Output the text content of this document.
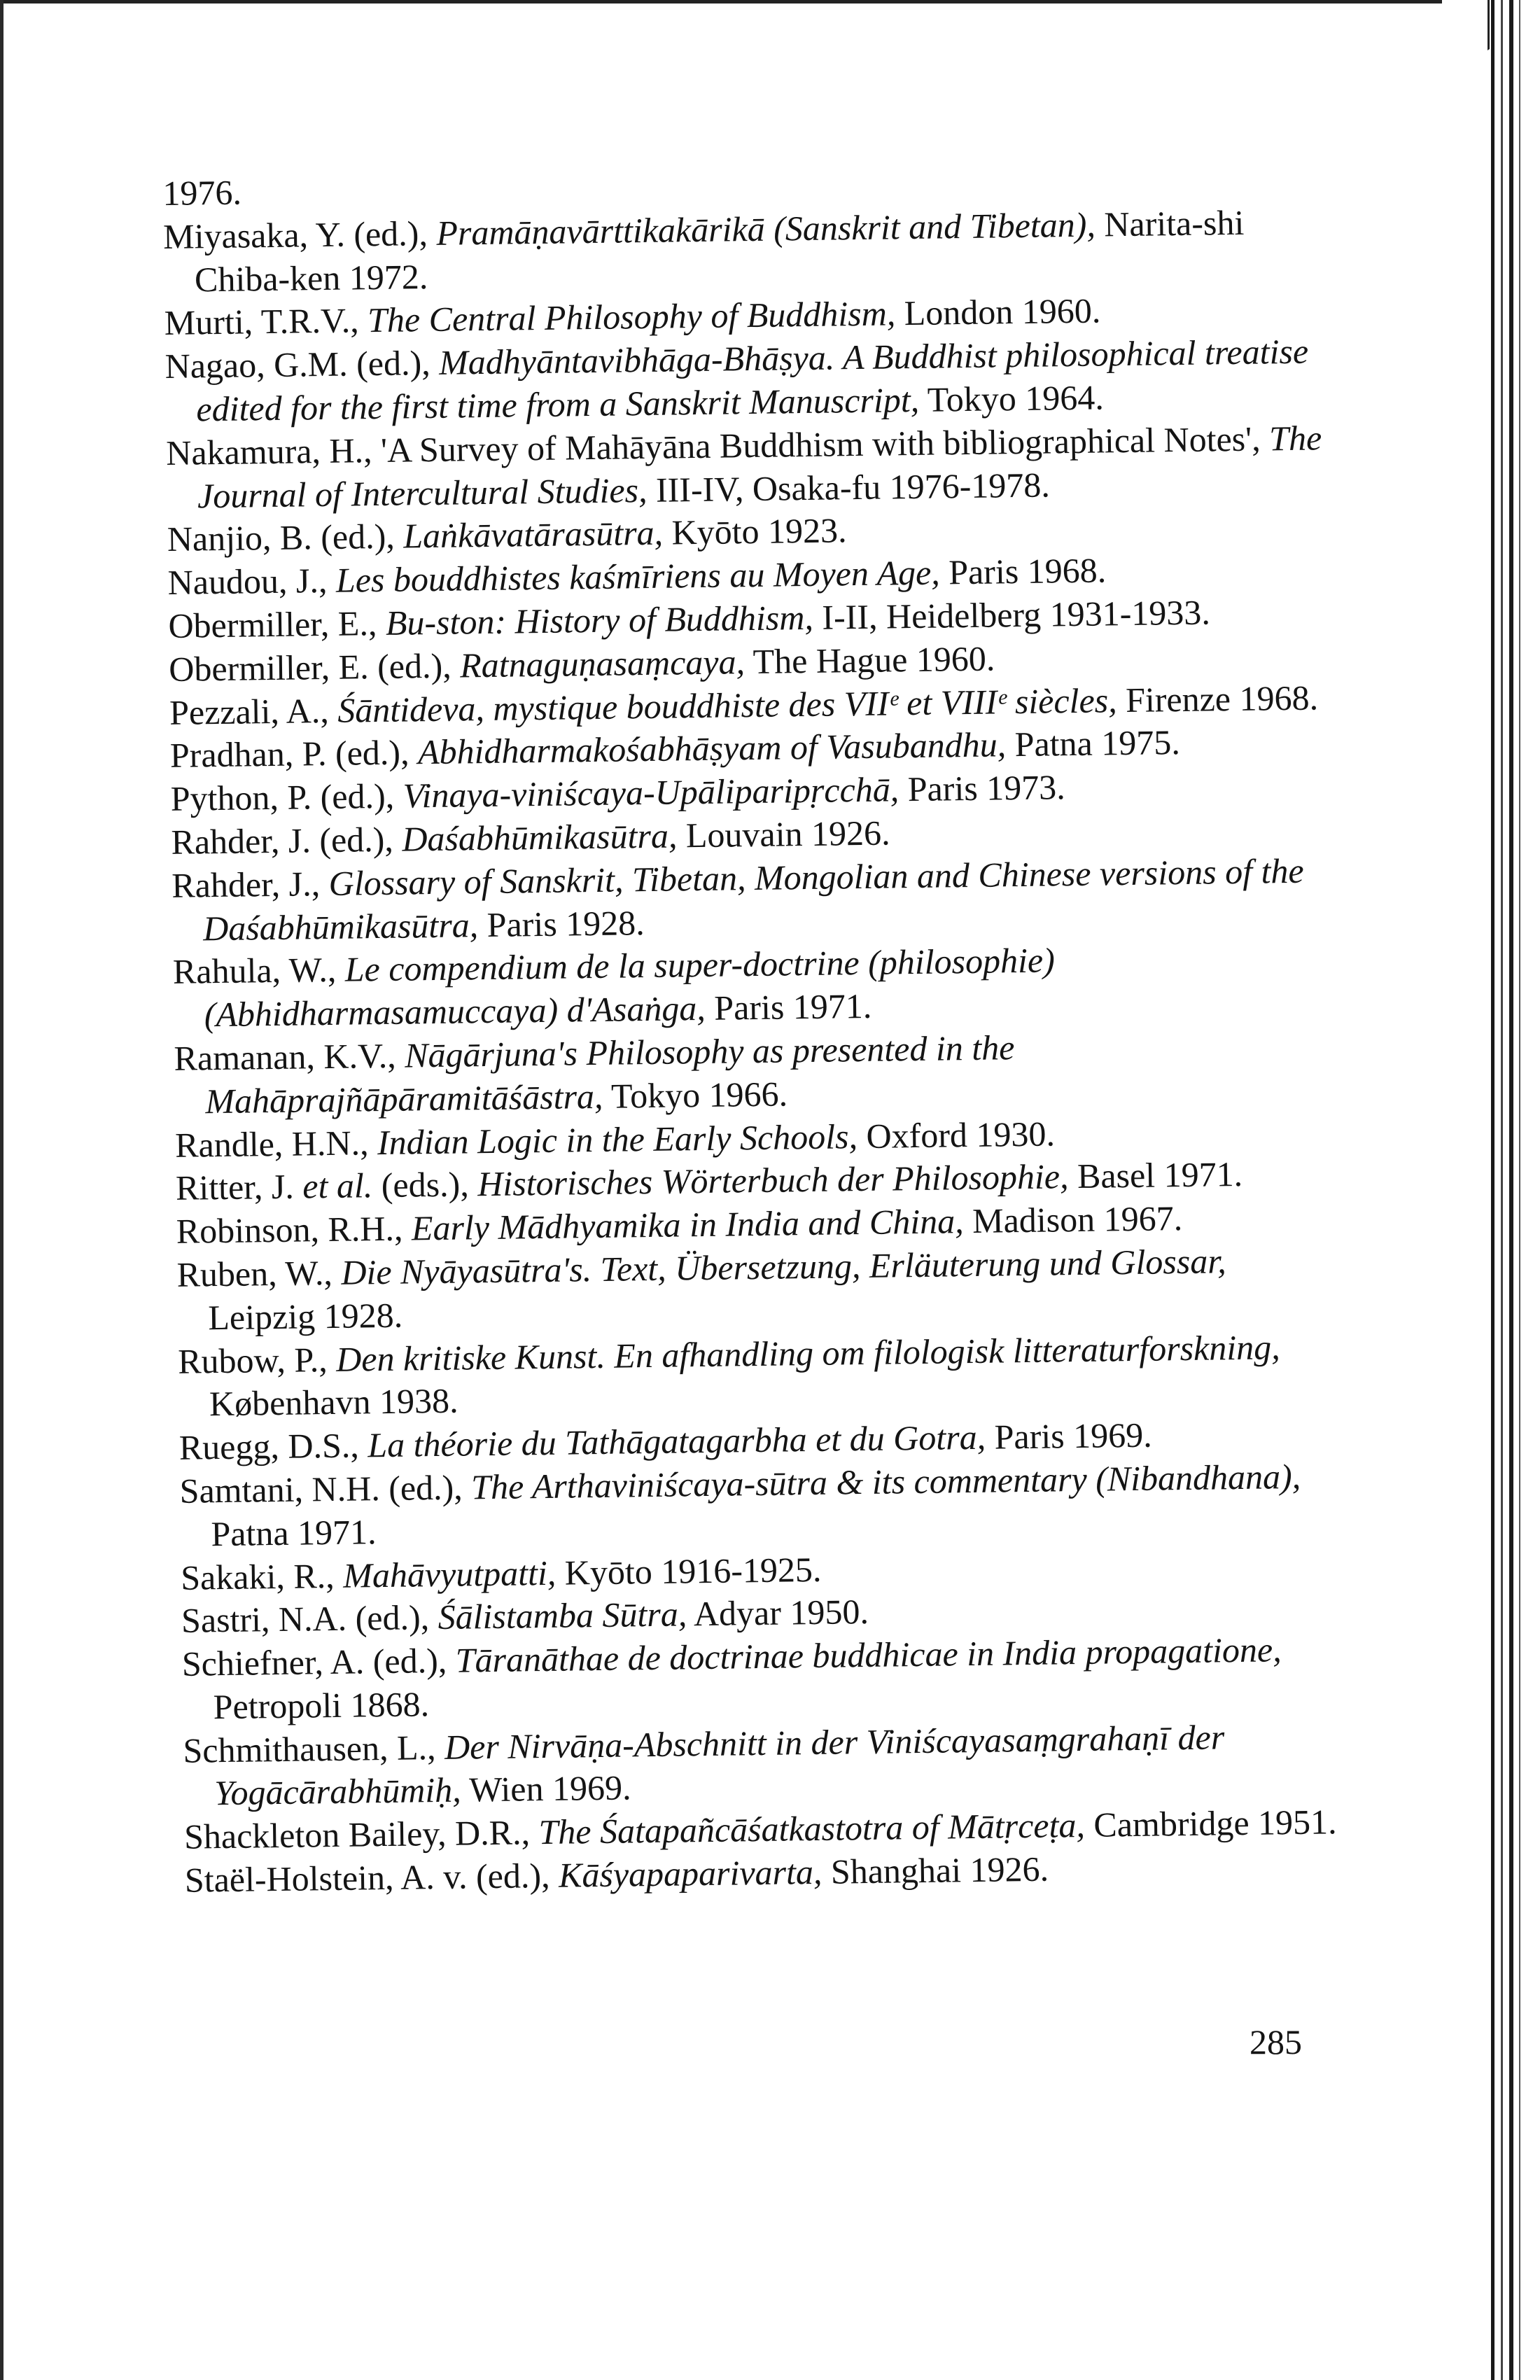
1976.
Miyasaka, Y. (ed.), Pramāṇavārttikakārikā (Sanskrit and Tibetan), Narita-shi Chiba-ken 1972.
Murti, T.R.V., The Central Philosophy of Buddhism, London 1960.
Nagao, G.M. (ed.), Madhyāntavibhāga-Bhāṣya. A Buddhist philosophical treatise edited for the first time from a Sanskrit Manuscript, Tokyo 1964.
Nakamura, H., 'A Survey of Mahāyāna Buddhism with bibliographical Notes', The Journal of Intercultural Studies, III-IV, Osaka-fu 1976-1978.
Nanjio, B. (ed.), Laṅkāvatārasūtra, Kyōto 1923.
Naudou, J., Les bouddhistes kaśmīriens au Moyen Age, Paris 1968.
Obermiller, E., Bu-ston: History of Buddhism, I-II, Heidelberg 1931-1933.
Obermiller, E. (ed.), Ratnaguṇasaṃcaya, The Hague 1960.
Pezzali, A., Śāntideva, mystique bouddhiste des VIIᵉ et VIIIᵉ siècles, Firenze 1968.
Pradhan, P. (ed.), Abhidharmakośabhāṣyam of Vasubandhu, Patna 1975.
Python, P. (ed.), Vinaya-viniścaya-Upāliparipṛcchā, Paris 1973.
Rahder, J. (ed.), Daśabhūmikasūtra, Louvain 1926.
Rahder, J., Glossary of Sanskrit, Tibetan, Mongolian and Chinese versions of the Daśabhūmikasūtra, Paris 1928.
Rahula, W., Le compendium de la super-doctrine (philosophie) (Abhidharmasamuccaya) d'Asaṅga, Paris 1971.
Ramanan, K.V., Nāgārjuna's Philosophy as presented in the Mahāprajñāpāramitāśāstra, Tokyo 1966.
Randle, H.N., Indian Logic in the Early Schools, Oxford 1930.
Ritter, J. et al. (eds.), Historisches Wörterbuch der Philosophie, Basel 1971.
Robinson, R.H., Early Mādhyamika in India and China, Madison 1967.
Ruben, W., Die Nyāyasūtra's. Text, Übersetzung, Erläuterung und Glossar, Leipzig 1928.
Rubow, P., Den kritiske Kunst. En afhandling om filologisk litteraturforskning, København 1938.
Ruegg, D.S., La théorie du Tathāgatagarbha et du Gotra, Paris 1969.
Samtani, N.H. (ed.), The Arthaviniścaya-sūtra & its commentary (Nibandhana), Patna 1971.
Sakaki, R., Mahāvyutpatti, Kyōto 1916-1925.
Sastri, N.A. (ed.), Śālistamba Sūtra, Adyar 1950.
Schiefner, A. (ed.), Tāranāthae de doctrinae buddhicae in India propagatione, Petropoli 1868.
Schmithausen, L., Der Nirvāṇa-Abschnitt in der Viniścayasaṃgrahaṇī der Yogācārabhūmiḥ, Wien 1969.
Shackleton Bailey, D.R., The Śatapañcāśatkastotra of Mātṛceṭa, Cambridge 1951.
Staël-Holstein, A. v. (ed.), Kāśyapaparivarta, Shanghai 1926.
285
